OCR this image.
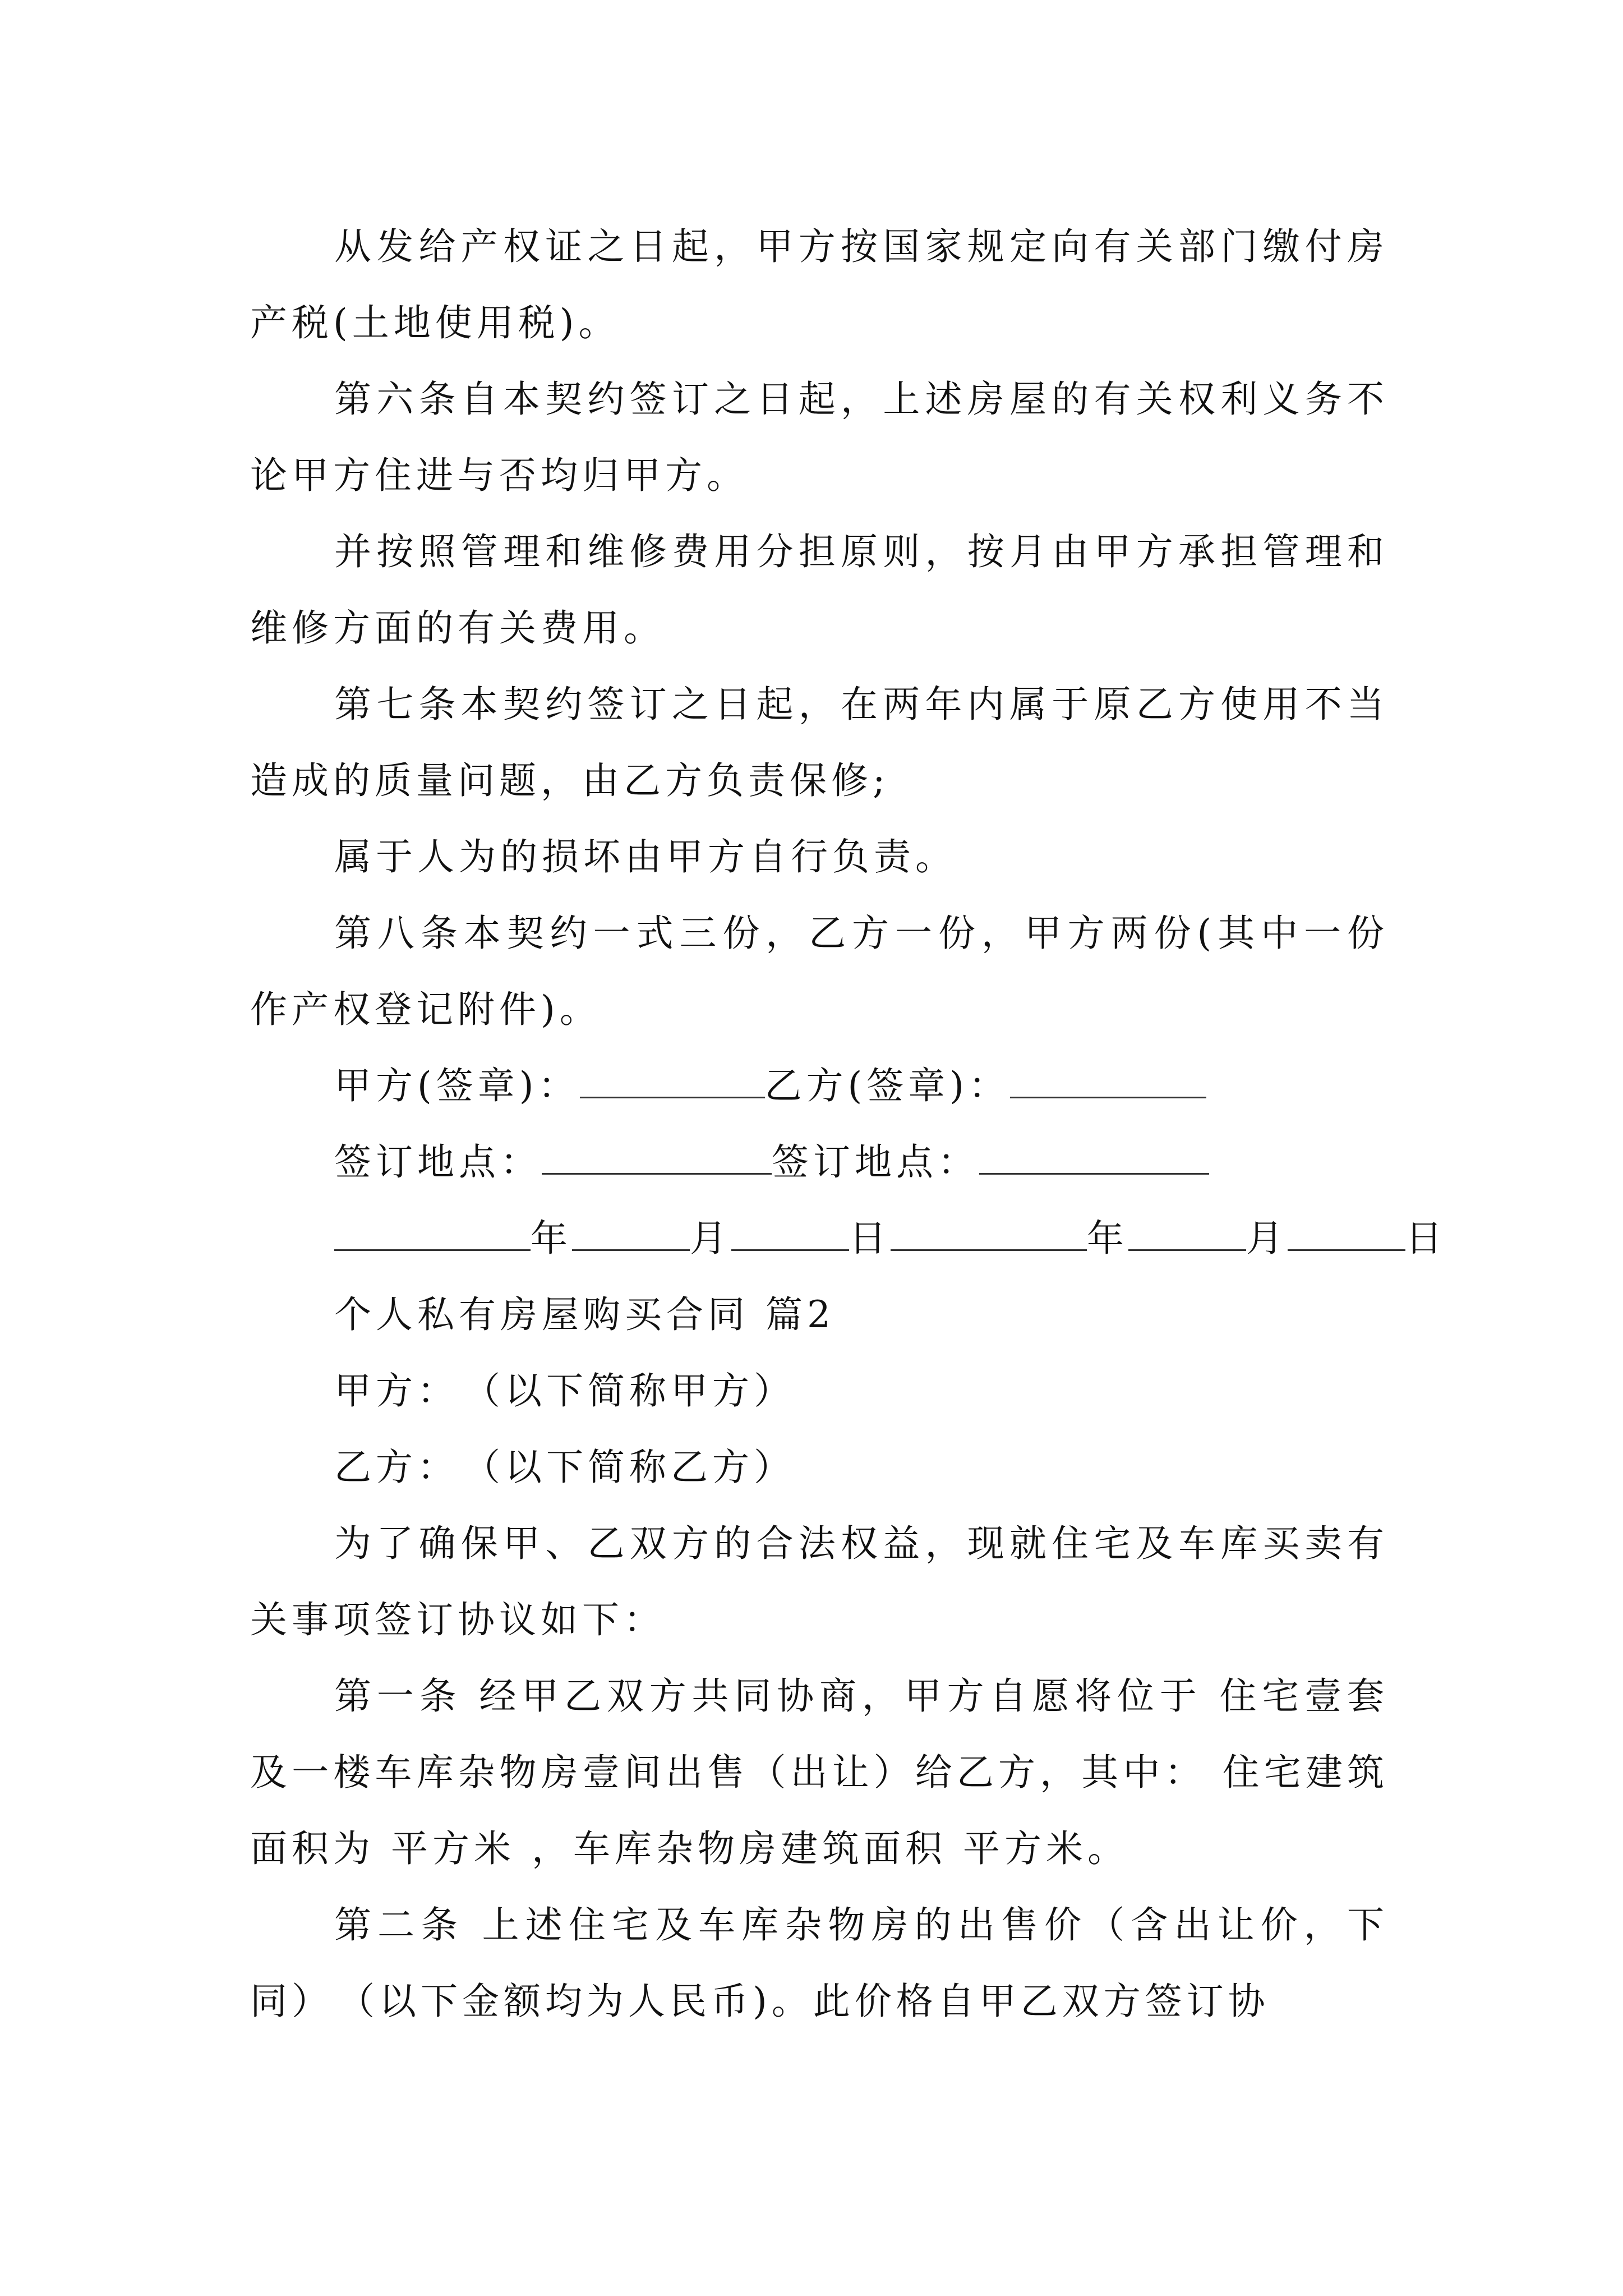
从发给产权证之日起，甲方按国家规定向有关部门缴付房产税(土地使用税)。

第六条自本契约签订之日起，上述房屋的有关权利义务不论甲方住进与否均归甲方。

并按照管理和维修费用分担原则，按月由甲方承担管理和维修方面的有关费用。

第七条本契约签订之日起，在两年内属于原乙方使用不当造成的质量问题，由乙方负责保修;

属于人为的损坏由甲方自行负责。

第八条本契约一式三份，乙方一份，甲方两份(其中一份作产权登记附件)。

甲方(签章)：	乙方(签章)：

签订地点：	签订地点：

年	月	日	年	月	日

个人私有房屋购买合同 篇2

甲方：　（以下简称甲方）

乙方：　（以下简称乙方）

为了确保甲、乙双方的合法权益，现就住宅及车库买卖有关事项签订协议如下：

第一条 经甲乙双方共同协商，甲方自愿将位于 住宅壹套及一楼车库杂物房壹间出售（出让）给乙方，其中： 住宅建筑面积为 平方米 ，车库杂物房建筑面积 平方米。

第二条 上述住宅及车库杂物房的出售价（含出让价，下同）　（以下金额均为人民币)。此价格自甲乙双方签订协
